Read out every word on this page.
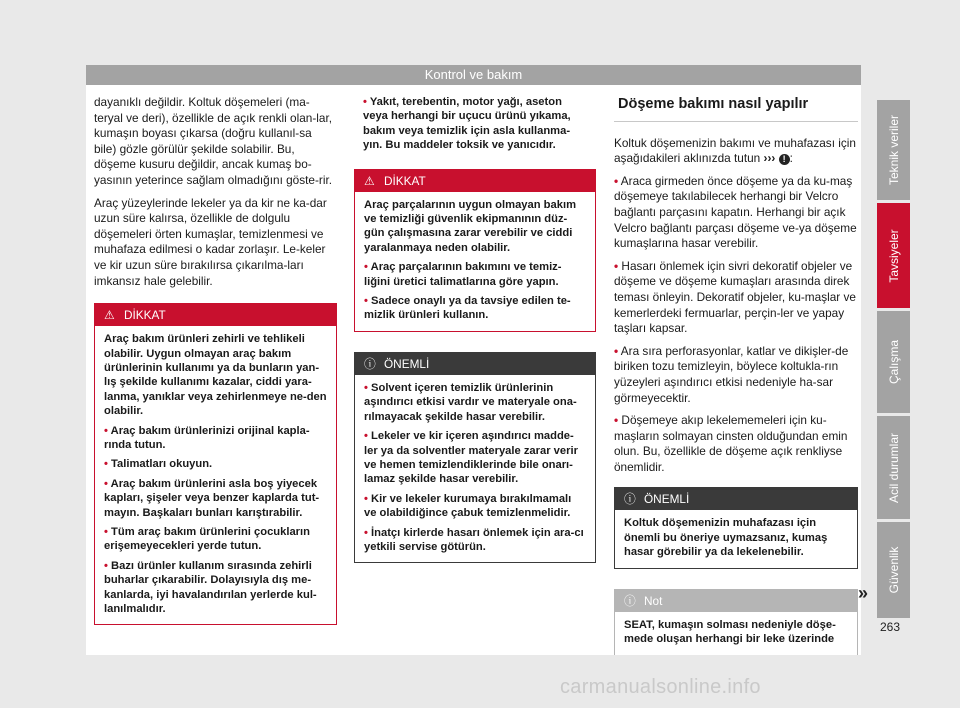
Kontrol ve bakım

dayanıklı değildir. Koltuk döşemeleri (ma-teryal ve deri), özellikle de açık renkli olan-lar, kumaşın boyası çıkarsa (doğru kullanıl-sa bile) gözle görülür şekilde solabilir. Bu, döşeme kusuru değildir, ancak kumaş bo-yasının yeterince sağlam olmadığını göste-rir.

Araç yüzeylerinde lekeler ya da kir ne ka-dar uzun süre kalırsa, özellikle de dolgulu döşemeleri örten kumaşlar, temizlenmesi ve muhafaza edilmesi o kadar zorlaşır. Le-keler ve kir uzun süre bırakılırsa çıkarılma-ları imkansız hale gelebilir.

⚠ DİKKAT

Araç bakım ürünleri zehirli ve tehlikeli olabilir. Uygun olmayan araç bakım ürünlerinin kullanımı ya da bunların yan-lış şekilde kullanımı kazalar, ciddi yara-lanma, yanıklar veya zehirlenmeye ne-den olabilir.

• Araç bakım ürünlerinizi orijinal kapla-rında tutun.

• Talimatları okuyun.

• Araç bakım ürünlerini asla boş yiyecek kapları, şişeler veya benzer kaplarda tut-mayın. Başkaları bunları karıştırabilir.

• Tüm araç bakım ürünlerini çocukların erişemeyecekleri yerde tutun.

• Bazı ürünler kullanım sırasında zehirli buharlar çıkarabilir. Dolayısıyla dış me-kanlarda, iyi havalandırılan yerlerde kul-lanılmalıdır.

• Yakıt, terebentin, motor yağı, aseton veya herhangi bir uçucu ürünü yıkama, bakım veya temizlik için asla kullanma-yın. Bu maddeler toksik ve yanıcıdır.

⚠ DİKKAT

Araç parçalarının uygun olmayan bakım ve temizliği güvenlik ekipmanının düz-gün çalışmasına zarar verebilir ve ciddi yaralanmaya neden olabilir.

• Araç parçalarının bakımını ve temiz-liğini üretici talimatlarına göre yapın.

• Sadece onaylı ya da tavsiye edilen te-mizlik ürünleri kullanın.

ⓘ ÖNEMLİ

• Solvent içeren temizlik ürünlerinin aşındırıcı etkisi vardır ve materyale ona-rılmayacak şekilde hasar verebilir.

• Lekeler ve kir içeren aşındırıcı madde-ler ya da solventler materyale zarar verir ve hemen temizlendiklerinde bile onarı-lamaz şekilde hasar verebilir.

• Kir ve lekeler kurumaya bırakılmamalı ve olabildiğince çabuk temizlenmelidir.

• İnatçı kirlerde hasarı önlemek için ara-cı yetkili servise götürün.

Döşeme bakımı nasıl yapılır

Koltuk döşemenizin bakımı ve muhafazası için aşağıdakileri aklınızda tutun ››› ! :

• Araca girmeden önce döşeme ya da ku-maş döşemeye takılabilecek herhangi bir Velcro bağlantı parçasını kapatın. Herhangi bir açık Velcro bağlantı parçası döşeme ve-ya döşeme kumaşlarına hasar verebilir.

• Hasarı önlemek için sivri dekoratif objeler ve döşeme ve döşeme kumaşları arasında direk teması önleyin. Dekoratif objeler, ku-maşlar ve kemerlerdeki fermuarlar, perçin-ler ve yapay taşları kapsar.

• Ara sıra perforasyonlar, katlar ve dikişler-de biriken tozu temizleyin, böylece koltukla-rın yüzeyleri aşındırıcı etkisi nedeniyle ha-sar görmeyecektir.

• Döşemeye akıp lekelememeleri için ku-maşların solmayan cinsten olduğundan emin olun. Bu, özellikle de döşeme açık renkliyse önemlidir.

ⓘ ÖNEMLİ

Koltuk döşemenizin muhafazası için önemli bu öneriye uymazsanız, kumaş hasar görebilir ya da lekelenebilir.

ⓘ Not

SEAT, kumaşın solması nedeniyle döşe-mede oluşan herhangi bir leke üzerinde

»
Teknik veriler
Tavsiyeler
Çalışma
Acil durumlar
Güvenlik
263
carmanualsonline.info
